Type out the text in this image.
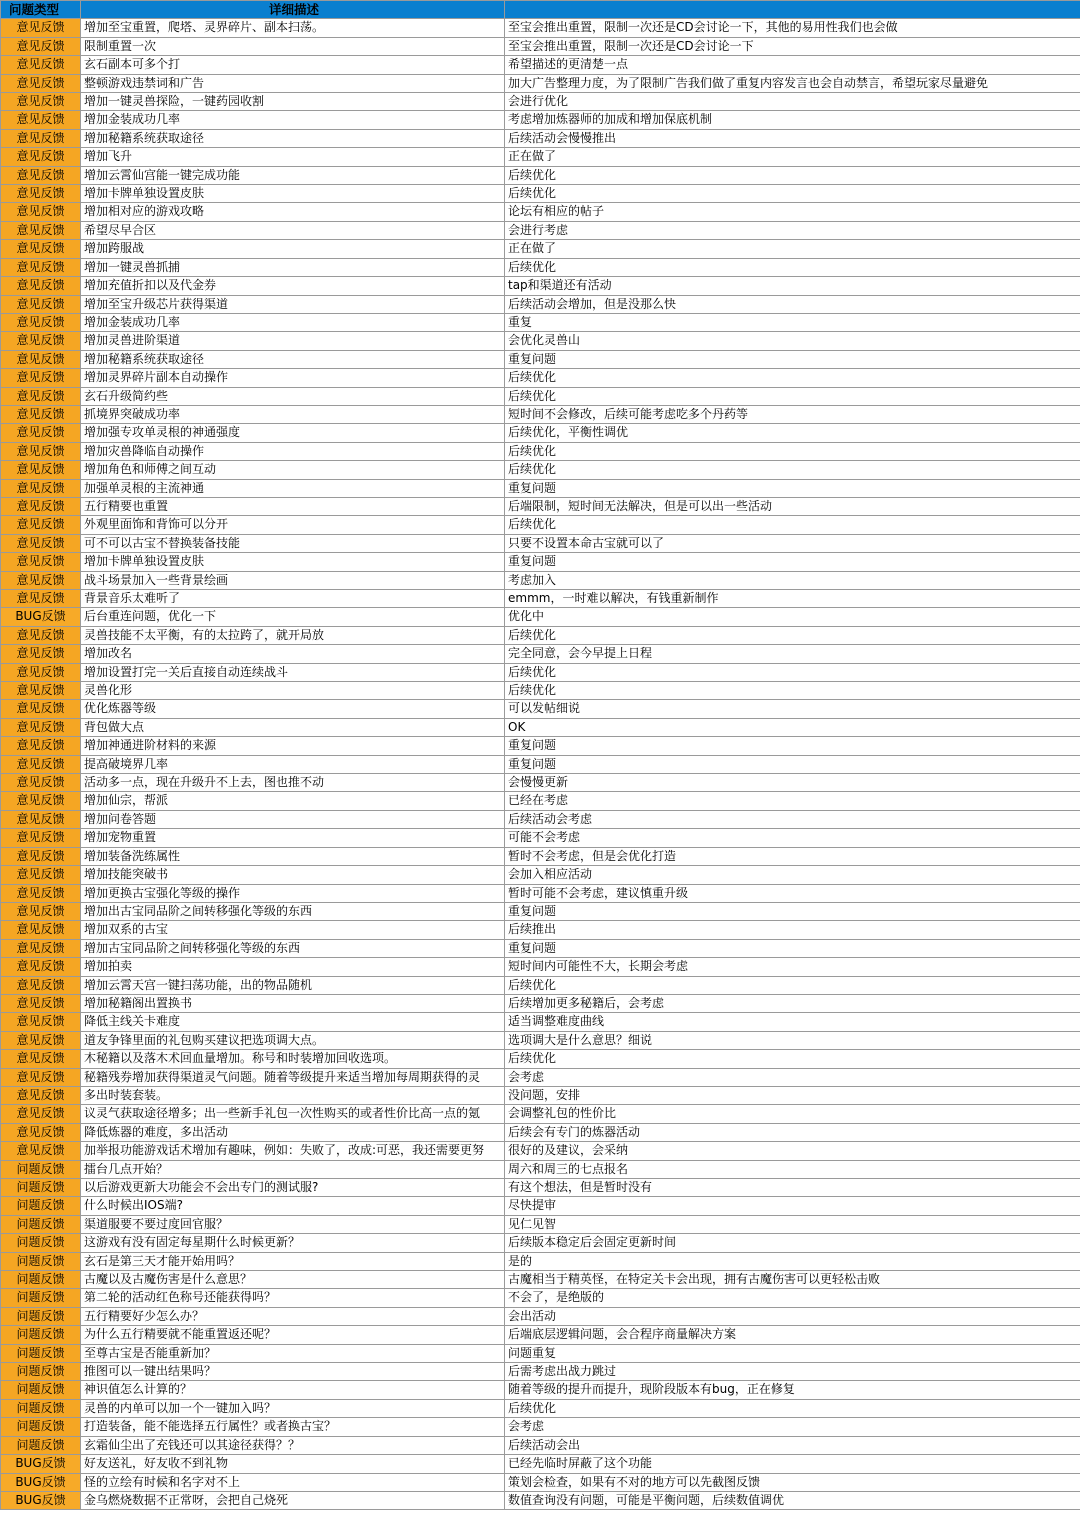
问题类型	详细描述	
意见反馈	增加至宝重置，爬塔、灵界碎片、副本扫荡。	至宝会推出重置，限制一次还是CD会讨论一下，其他的易用性我们也会做
意见反馈	限制重置一次	至宝会推出重置，限制一次还是CD会讨论一下
意见反馈	玄石副本可多个打	希望描述的更清楚一点
意见反馈	整顿游戏违禁词和广告	加大广告整理力度，为了限制广告我们做了重复内容发言也会自动禁言，希望玩家尽量避免
意见反馈	增加一键灵兽探险，一键药园收割	会进行优化
意见反馈	增加金装成功几率	考虑增加炼器师的加成和增加保底机制
意见反馈	增加秘籍系统获取途径	后续活动会慢慢推出
意见反馈	增加飞升	正在做了
意见反馈	增加云霄仙宫能一键完成功能	后续优化
意见反馈	增加卡牌单独设置皮肤	后续优化
意见反馈	增加相对应的游戏攻略	论坛有相应的帖子
意见反馈	希望尽早合区	会进行考虑
意见反馈	增加跨服战	正在做了
意见反馈	增加一键灵兽抓捕	后续优化
意见反馈	增加充值折扣以及代金券	tap和渠道还有活动
意见反馈	增加至宝升级芯片获得渠道	后续活动会增加，但是没那么快
意见反馈	增加金装成功几率	重复
意见反馈	增加灵兽进阶渠道	会优化灵兽山
意见反馈	增加秘籍系统获取途径	重复问题
意见反馈	增加灵界碎片副本自动操作	后续优化
意见反馈	玄石升级简约些	后续优化
意见反馈	抓境界突破成功率	短时间不会修改，后续可能考虑吃多个丹药等
意见反馈	增加强专攻单灵根的神通强度	后续优化，平衡性调优
意见反馈	增加灾兽降临自动操作	后续优化
意见反馈	增加角色和师傅之间互动	后续优化
意见反馈	加强单灵根的主流神通	重复问题
意见反馈	五行精要也重置	后端限制，短时间无法解决，但是可以出一些活动
意见反馈	外观里面饰和背饰可以分开	后续优化
意见反馈	可不可以古宝不替换装备技能	只要不设置本命古宝就可以了
意见反馈	增加卡牌单独设置皮肤	重复问题
意见反馈	战斗场景加入一些背景绘画	考虑加入
意见反馈	背景音乐太难听了	emmm，一时难以解决，有钱重新制作
BUG反馈	后台重连问题，优化一下	优化中
意见反馈	灵兽技能不太平衡，有的太拉跨了，就开局放	后续优化
意见反馈	增加改名	完全同意，会今早提上日程
意见反馈	增加设置打完一关后直接自动连续战斗	后续优化
意见反馈	灵兽化形	后续优化
意见反馈	优化炼器等级	可以发帖细说
意见反馈	背包做大点	OK
意见反馈	增加神通进阶材料的来源	重复问题
意见反馈	提高破境界几率	重复问题
意见反馈	活动多一点，现在升级升不上去，图也推不动	会慢慢更新
意见反馈	增加仙宗，帮派	已经在考虑
意见反馈	增加问卷答题	后续活动会考虑
意见反馈	增加宠物重置	可能不会考虑
意见反馈	增加装备洗练属性	暂时不会考虑，但是会优化打造
意见反馈	增加技能突破书	会加入相应活动
意见反馈	增加更换古宝强化等级的操作	暂时可能不会考虑，建议慎重升级
意见反馈	增加出古宝同品阶之间转移强化等级的东西	重复问题
意见反馈	增加双系的古宝	后续推出
意见反馈	增加古宝同品阶之间转移强化等级的东西	重复问题
意见反馈	增加拍卖	短时间内可能性不大，长期会考虑
意见反馈	增加云霄天宫一键扫荡功能，出的物品随机	后续优化
意见反馈	增加秘籍阁出置换书	后续增加更多秘籍后，会考虑
意见反馈	降低主线关卡难度	适当调整难度曲线
意见反馈	道友争锋里面的礼包购买建议把选项调大点。	选项调大是什么意思？细说
意见反馈	木秘籍以及落木术回血量增加。称号和时装增加回收选项。	后续优化
意见反馈	秘籍残券增加获得渠道灵气问题。随着等级提升来适当增加每周期获得的灵	会考虑
意见反馈	多出时装套装。	没问题，安排
意见反馈	议灵气获取途径增多；出一些新手礼包一次性购买的或者性价比高一点的氪	会调整礼包的性价比
意见反馈	降低炼器的难度，多出活动	后续会有专门的炼器活动
意见反馈	加举报功能游戏话术增加有趣味，例如：失败了，改成:可恶，我还需要更努	很好的及建议，会采纳
问题反馈	擂台几点开始？	周六和周三的七点报名
问题反馈	以后游戏更新大功能会不会出专门的测试服?	有这个想法，但是暂时没有
问题反馈	什么时候出IOS端?	尽快提审
问题反馈	渠道服要不要过度回官服？	见仁见智
问题反馈	这游戏有没有固定每星期什么时候更新？	后续版本稳定后会固定更新时间
问题反馈	玄石是第三天才能开始用吗？	是的
问题反馈	古魔以及古魔伤害是什么意思？	古魔相当于精英怪，在特定关卡会出现，拥有古魔伤害可以更轻松击败
问题反馈	第二轮的活动红色称号还能获得吗？	不会了，是绝版的
问题反馈	五行精要好少怎么办？	会出活动
问题反馈	为什么五行精要就不能重置返还呢？	后端底层逻辑问题，会合程序商量解决方案
问题反馈	至尊古宝是否能重新加？	问题重复
问题反馈	推图可以一键出结果吗？	后需考虑出战力跳过
问题反馈	神识值怎么计算的？	随着等级的提升而提升，现阶段版本有bug，正在修复
问题反馈	灵兽的内单可以加一个一键加入吗？	后续优化
问题反馈	打造装备，能不能选择五行属性？或者换古宝？	会考虑
问题反馈	玄霜仙尘出了充钱还可以其途径获得？？	后续活动会出
BUG反馈	好友送礼，好友收不到礼物	已经先临时屏蔽了这个功能
BUG反馈	怪的立绘有时候和名字对不上	策划会检查，如果有不对的地方可以先截图反馈
BUG反馈	金乌燃烧数据不正常呀，会把自己烧死	数值查询没有问题，可能是平衡问题，后续数值调优
